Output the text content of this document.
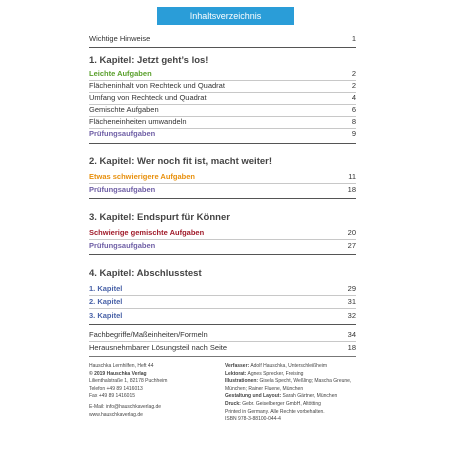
Inhaltsverzeichnis
Wichtige Hinweise	1
1. Kapitel: Jetzt geht’s los!
Leichte Aufgaben	2
Flächeninhalt von Rechteck und Quadrat	2
Umfang von Rechteck und Quadrat	4
Gemischte Aufgaben	6
Flächeneinheiten umwandeln	8
Prüfungsaufgaben	9
2. Kapitel: Wer noch fit ist, macht weiter!
Etwas schwierigere Aufgaben	11
Prüfungsaufgaben	18
3. Kapitel: Endspurt für Könner
Schwierige gemischte Aufgaben	20
Prüfungsaufgaben	27
4. Kapitel: Abschlusstest
1. Kapitel	29
2. Kapitel	31
3. Kapitel	32
Fachbegriffe/Maßeinheiten/Formeln	34
Herausnehmbarer Lösungsteil nach Seite	18
Hauschka Lernhilfen, Heft 44
© 2019 Hauschka Verlag
Lilienthalstraße 1, 82178 Puchheim
Telefon +49 89 1416013
Fax +49 89 1416015
E-Mail: info@hauschkaverlag.de
www.hauschkaverlag.de
Verfasser: Adolf Hauschka, Unterschleißheim
Lektorat: Agnes Sprecker, Freising
Illustrationen: Gisela Specht, Weßling; Mascha Greune,
München; Rainer Fluene, München
Gestaltung und Layout: Sarah Gärtner, München
Druck: Gebr. Geiselberger GmbH, Altötting
Printed in Germany. Alle Rechte vorbehalten.
ISBN 978-3-88100-044-4
